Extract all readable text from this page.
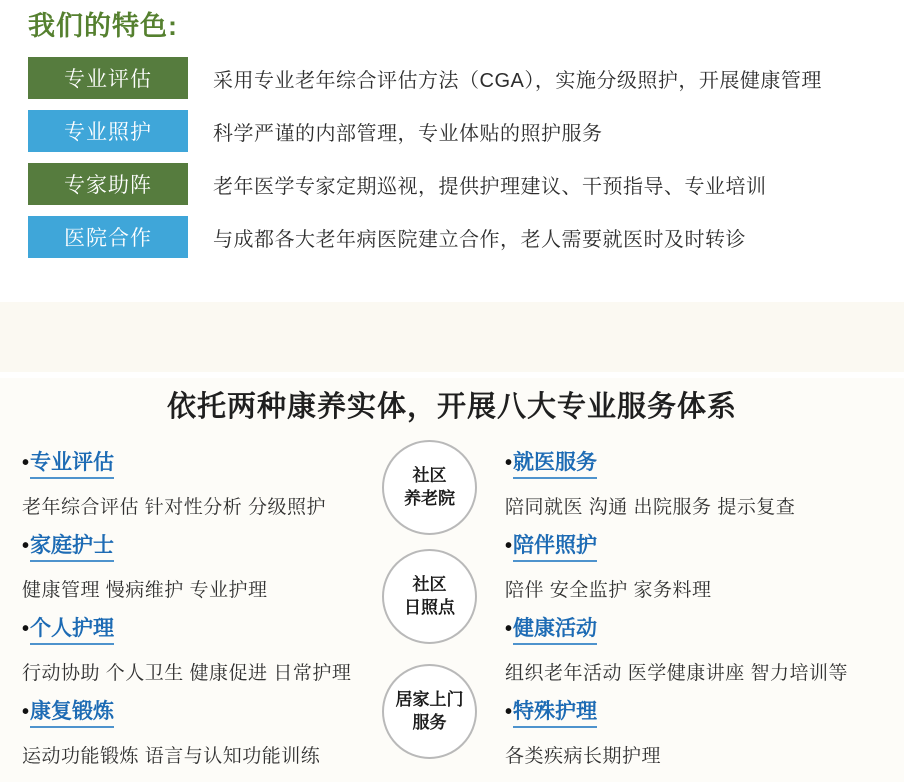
我们的特色:
专业评估	采用专业老年综合评估方法（CGA），实施分级照护，开展健康管理
专业照护	科学严谨的内部管理，专业体贴的照护服务
专家助阵	老年医学专家定期巡视，提供护理建议、干预指导、专业培训
医院合作	与成都各大老年病医院建立合作，老人需要就医时及时转诊
依托两种康养实体，开展八大专业服务体系
• 专业评估

老年综合评估 针对性分析 分级照护

• 家庭护士

健康管理 慢病维护 专业护理

• 个人护理

行动协助 个人卫生 健康促进 日常护理

• 康复锻炼

运动功能锻炼 语言与认知功能训练

社区
养老院
社区
日照点
居家上门
服务
• 就医服务

陪同就医 沟通 出院服务 提示复查

• 陪伴照护

陪伴 安全监护 家务料理

• 健康活动

组织老年活动 医学健康讲座 智力培训等

• 特殊护理

各类疾病长期护理
